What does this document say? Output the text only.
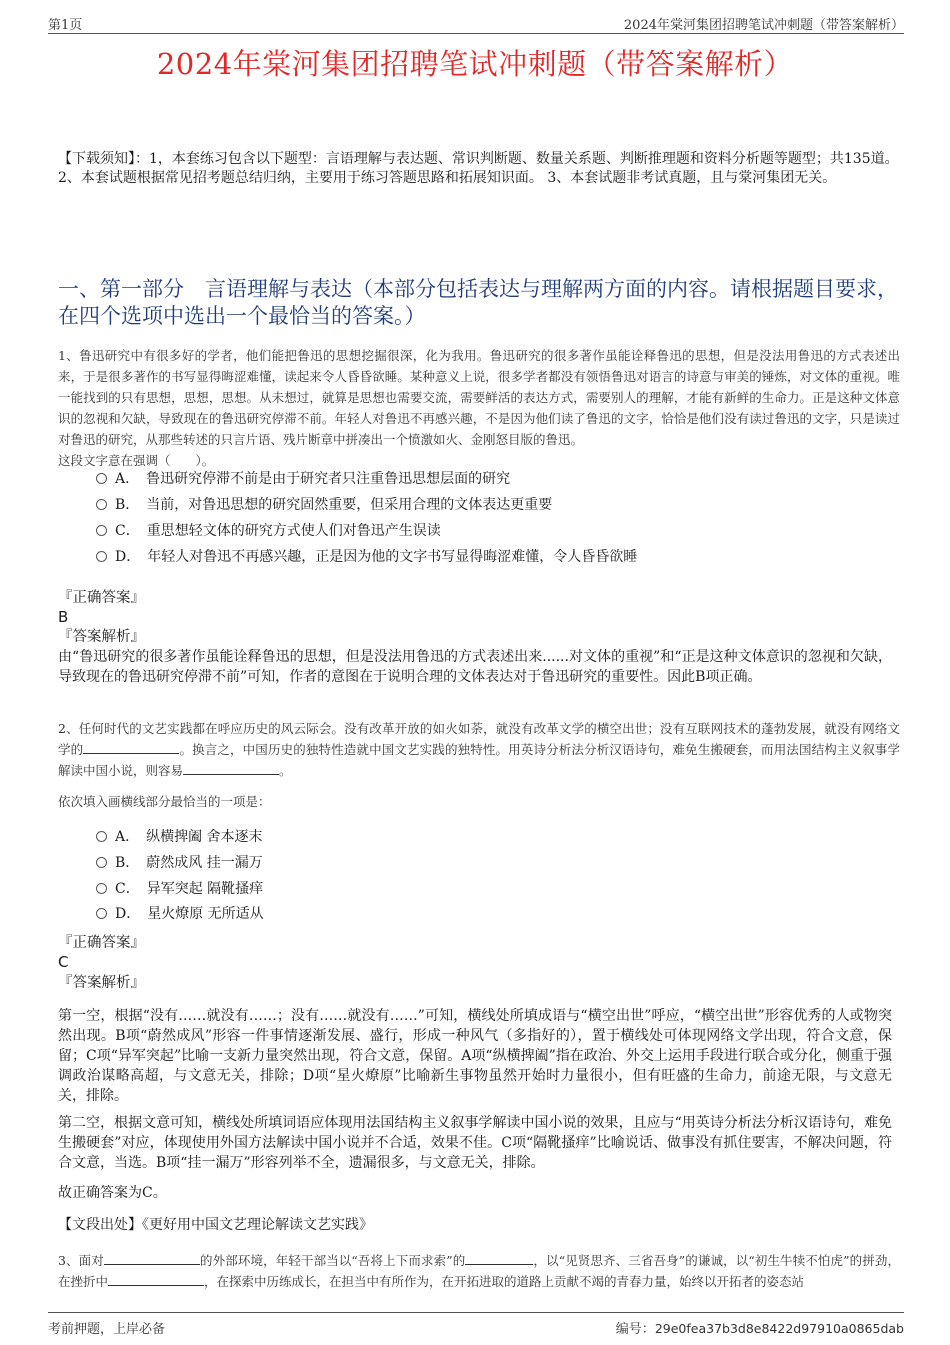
第1页	2024年棠河集团招聘笔试冲刺题（带答案解析）
2024年棠河集团招聘笔试冲刺题（带答案解析）
【下载须知】：1，本套练习包含以下题型：言语理解与表达题、常识判断题、数量关系题、判断推理题和资料分析题等题型；共135道。 2、本套试题根据常见招考题总结归纳，主要用于练习答题思路和拓展知识面。 3、本套试题非考试真题，且与棠河集团无关。
一、第一部分　言语理解与表达（本部分包括表达与理解两方面的内容。请根据题目要求，在四个选项中选出一个最恰当的答案。）
1、鲁迅研究中有很多好的学者，他们能把鲁迅的思想挖掘很深，化为我用。鲁迅研究的很多著作虽能诠释鲁迅的思想，但是没法用鲁迅的方式表述出来，于是很多著作的书写显得晦涩难懂，读起来令人昏昏欲睡。某种意义上说，很多学者都没有领悟鲁迅对语言的诗意与审美的锤炼，对文体的重视。唯一能找到的只有思想，思想，思想。从未想过，就算是思想也需要交流，需要鲜活的表达方式，需要别人的理解，才能有新鲜的生命力。正是这种文体意识的忽视和欠缺，导致现在的鲁迅研究停滞不前。年轻人对鲁迅不再感兴趣，不是因为他们读了鲁迅的文字，恰恰是他们没有读过鲁迅的文字，只是读过对鲁迅的研究，从那些转述的只言片语、残片断章中拼凑出一个愤激如火、金刚怒目版的鲁迅。
这段文字意在强调（　　）。
A．　鲁迅研究停滞不前是由于研究者只注重鲁迅思想层面的研究
B．　当前，对鲁迅思想的研究固然重要，但采用合理的文体表达更重要
C．　重思想轻文体的研究方式使人们对鲁迅产生误读
D．　年轻人对鲁迅不再感兴趣，正是因为他的文字书写显得晦涩难懂，令人昏昏欲睡
『正确答案』
B
『答案解析』
由“鲁迅研究的很多著作虽能诠释鲁迅的思想，但是没法用鲁迅的方式表述出来......对文体的重视”和“正是这种文体意识的忽视和欠缺，导致现在的鲁迅研究停滞不前”可知，作者的意图在于说明合理的文体表达对于鲁迅研究的重要性。因此B项正确。
2、任何时代的文艺实践都在呼应历史的风云际会。没有改革开放的如火如荼，就没有改革文学的横空出世；没有互联网技术的蓬勃发展，就没有网络文学的	。换言之，中国历史的独特性造就中国文艺实践的独特性。用英诗分析法分析汉语诗句，难免生搬硬套，而用法国结构主义叙事学解读中国小说，则容易	。
依次填入画横线部分最恰当的一项是：
A．　纵横捭阖 舍本逐末
B．　蔚然成风 挂一漏万
C．　异军突起 隔靴搔痒
D．　星火燎原 无所适从
『正确答案』
C
『答案解析』
第一空，根据“没有……就没有……；没有……就没有……”可知，横线处所填成语与“横空出世”呼应，“横空出世”形容优秀的人或物突然出现。B项“蔚然成风”形容一件事情逐渐发展、盛行，形成一种风气（多指好的），置于横线处可体现网络文学出现，符合文意，保留；C项“异军突起”比喻一支新力量突然出现，符合文意，保留。A项“纵横捭阖”指在政治、外交上运用手段进行联合或分化，侧重于强调政治谋略高超，与文意无关，排除；D项“星火燎原”比喻新生事物虽然开始时力量很小，但有旺盛的生命力，前途无限，与文意无关，排除。
第二空，根据文意可知，横线处所填词语应体现用法国结构主义叙事学解读中国小说的效果，且应与“用英诗分析法分析汉语诗句，难免生搬硬套”对应，体现使用外国方法解读中国小说并不合适，效果不佳。C项“隔靴搔痒”比喻说话、做事没有抓住要害，不解决问题，符合文意，当选。B项“挂一漏万”形容列举不全，遗漏很多，与文意无关，排除。
故正确答案为C。
【文段出处】《更好用中国文艺理论解读文艺实践》
3、面对	的外部环境，年轻干部当以“吾将上下而求索”的	，以“见贤思齐、三省吾身”的谦诚，以“初生牛犊不怕虎”的拼劲，在挫折中	，在探索中历练成长，在担当中有所作为，在开拓进取的道路上贡献不竭的青春力量，始终以开拓者的姿态站
考前押题，上岸必备	编号：29e0fea37b3d8e8422d97910a0865dab
